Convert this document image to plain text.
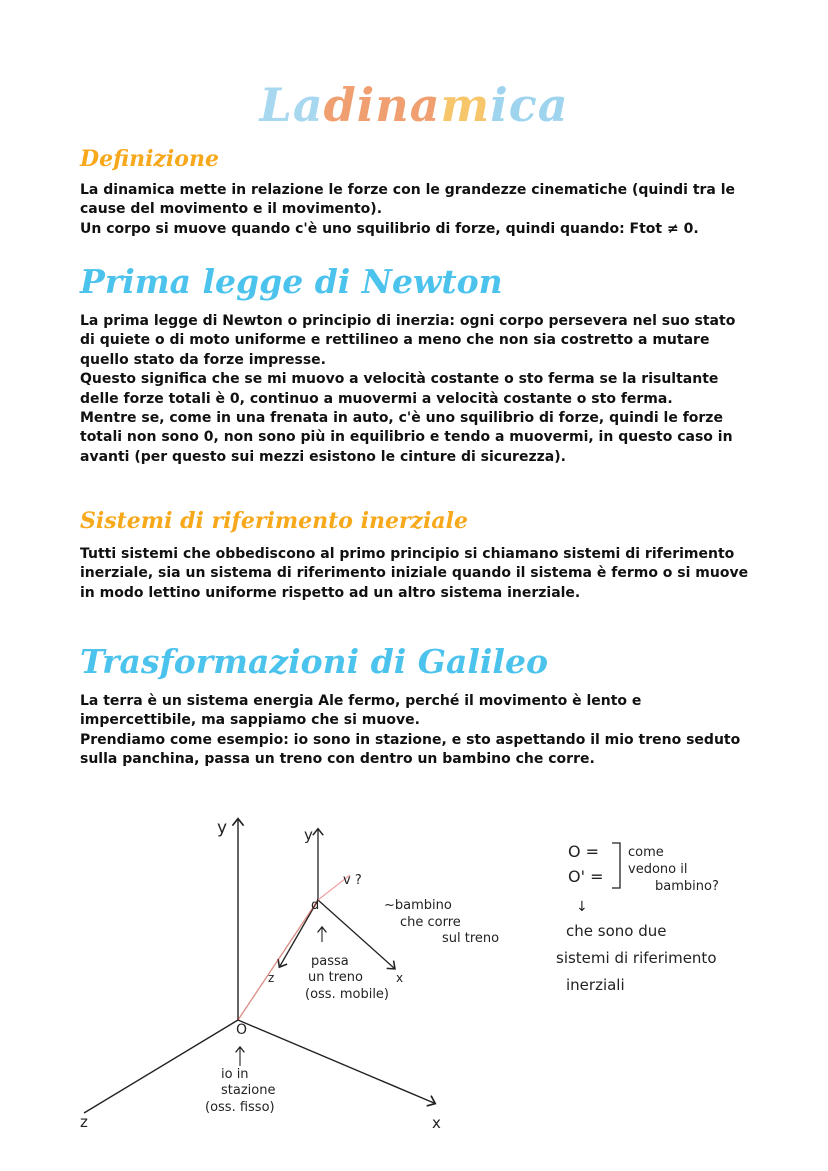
Ladinamica
Definizione

La dinamica mette in relazione le forze con le grandezze cinematiche (quindi tra le cause del movimento e il movimento).

Un corpo si muove quando c'è uno squilibrio di forze, quindi quando: Ftot ≠ 0.

Prima legge di Newton

La prima legge di Newton o principio di inerzia: ogni corpo persevera nel suo stato di quiete o di moto uniforme e rettilineo a meno che non sia costretto a mutare quello stato da forze impresse.

Questo significa che se mi muovo a velocità costante o sto ferma se la risultante delle forze totali è 0, continuo a muovermi a velocità costante o sto ferma.

Mentre se, come in una frenata in auto, c'è uno squilibrio di forze, quindi le forze totali non sono 0, non sono più in equilibrio e tendo a muovermi, in questo caso in avanti (per questo sui mezzi esistono le cinture di sicurezza).

Sistemi di riferimento inerziale

Tutti sistemi che obbediscono al primo principio si chiamano sistemi di riferimento inerziale, sia un sistema di riferimento iniziale quando il sistema è fermo o si muove in modo lettino uniforme rispetto ad un altro sistema inerziale.

Trasformazioni di Galileo

La terra è un sistema energia Ale fermo, perché il movimento è lento e impercettibile, ma sappiamo che si muove.

Prendiamo come esempio: io sono in stazione, e sto aspettando il mio treno seduto sulla panchina, passa un treno con dentro un bambino che corre.

y	y
O
d
x
z
x
z
v ?
~bambino
che corre
sul treno
passa
un treno
(oss. mobile)
io in
stazione
(oss. fisso)
O =
O' =
come
vedono il
bambino?
↓
che sono due
sistemi di riferimento
inerziali
